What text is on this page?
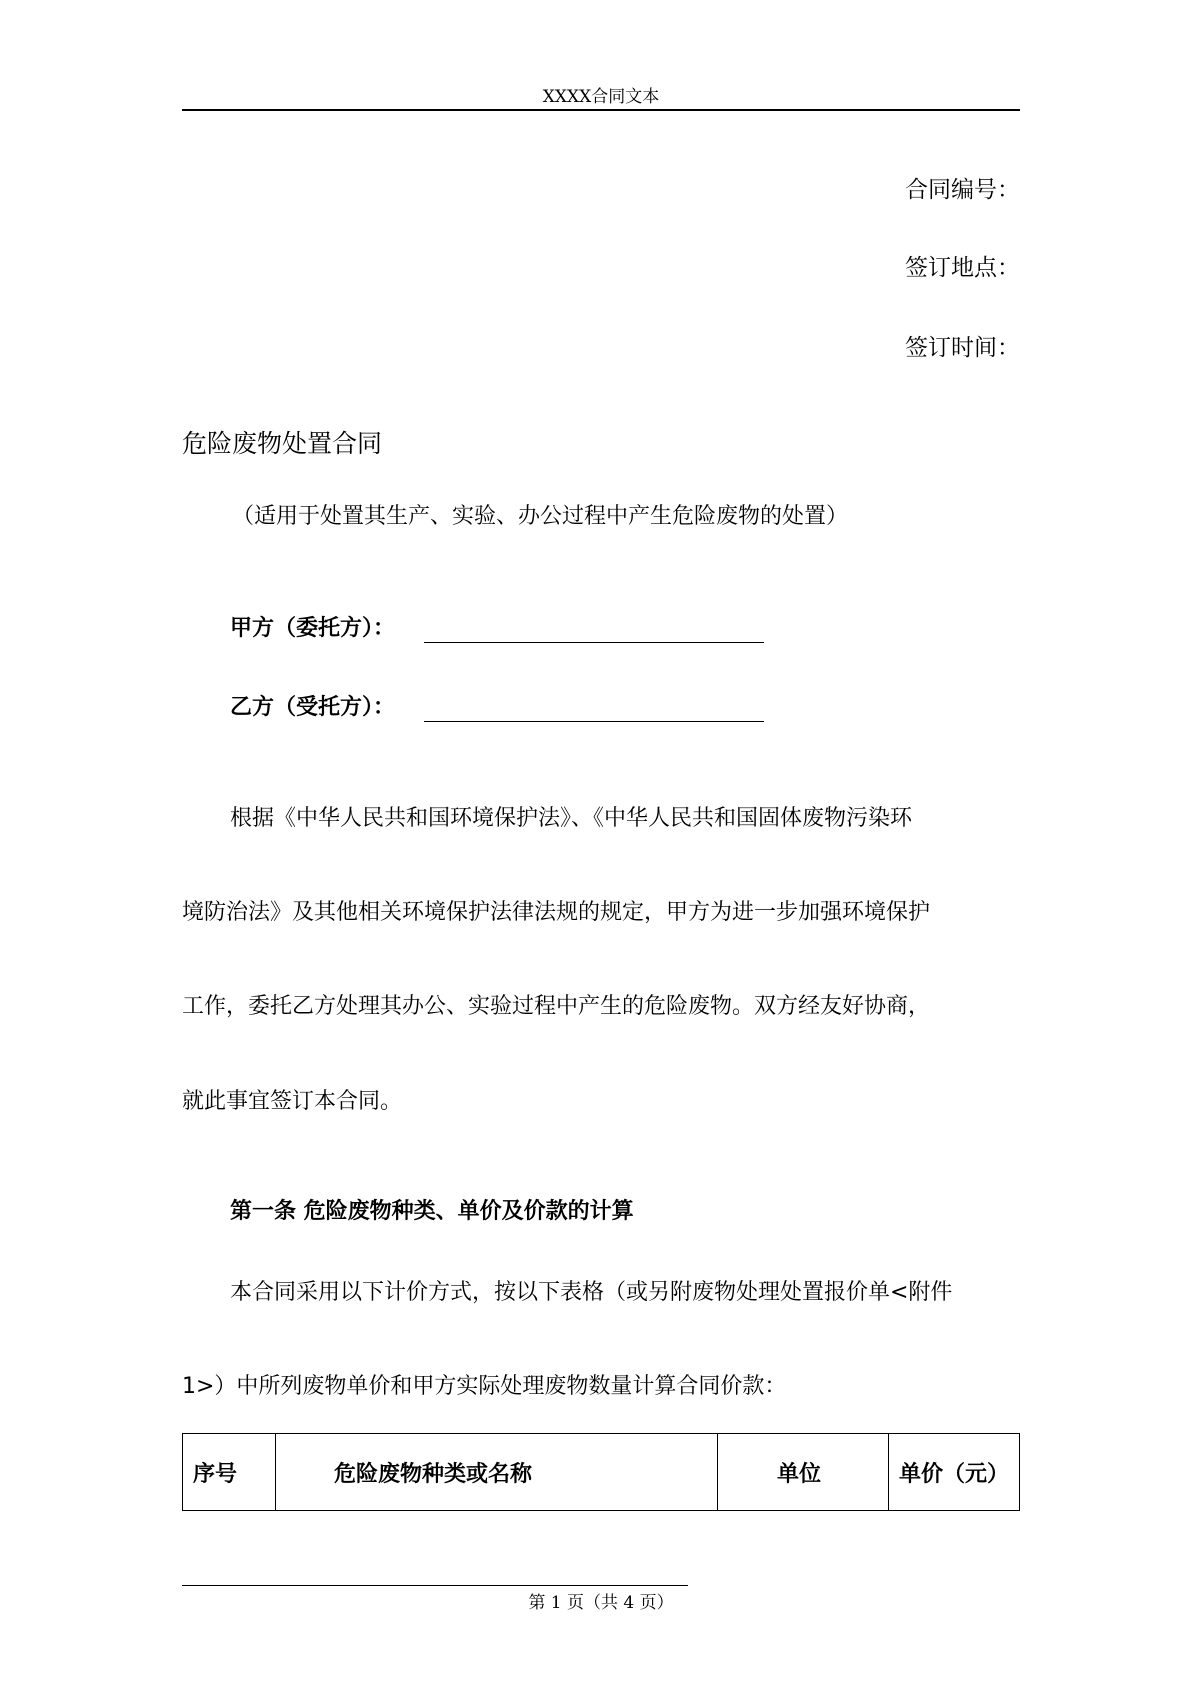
XXXX合同文本
合同编号：
签订地点：
签订时间：
危险废物处置合同
（适用于处置其生产、实验、办公过程中产生危险废物的处置）
甲方（委托方）：
乙方（受托方）：
根据《中华人民共和国环境保护法》、《中华人民共和国固体废物污染环
境防治法》及其他相关环境保护法律法规的规定，甲方为进一步加强环境保护
工作，委托乙方处理其办公、实验过程中产生的危险废物。双方经友好协商，
就此事宜签订本合同。
第一条 危险废物种类、单价及价款的计算
本合同采用以下计价方式，按以下表格（或另附废物处理处置报价单<附件
1>）中所列废物单价和甲方实际处理废物数量计算合同价款：
序号	危险废物种类或名称	单位	单价（元）
第 1 页（共 4 页）
